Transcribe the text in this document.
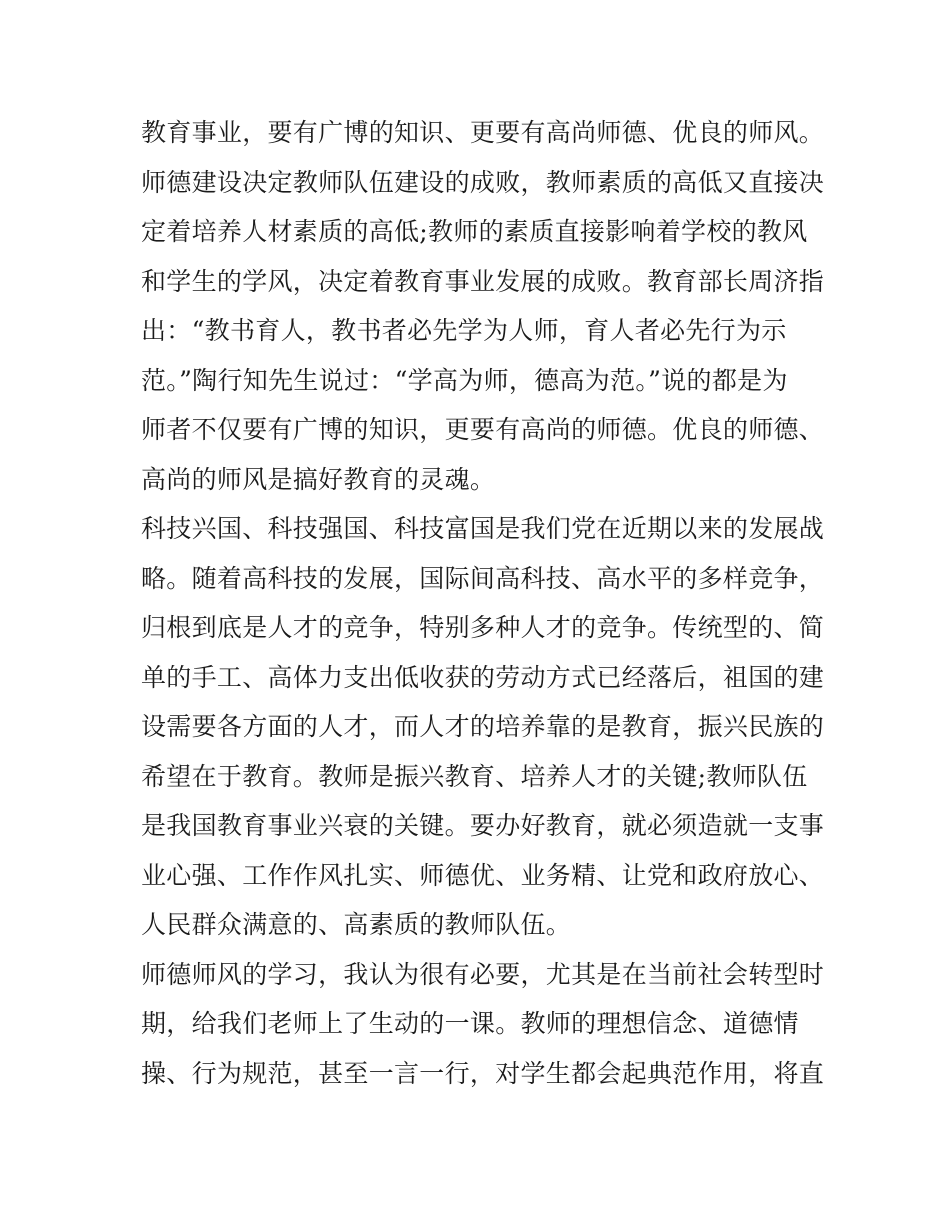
教育事业，要有广博的知识、更要有高尚师德、优良的师风。
师德建设决定教师队伍建设的成败，教师素质的高低又直接决
定着培养人材素质的高低;教师的素质直接影响着学校的教风
和学生的学风，决定着教育事业发展的成败。教育部长周济指
出：“教书育人，教书者必先学为人师，育人者必先行为示
范。”陶行知先生说过：“学高为师，德高为范。”说的都是为
师者不仅要有广博的知识，更要有高尚的师德。优良的师德、
高尚的师风是搞好教育的灵魂。
科技兴国、科技强国、科技富国是我们党在近期以来的发展战
略。随着高科技的发展，国际间高科技、高水平的多样竞争，
归根到底是人才的竞争，特别多种人才的竞争。传统型的、简
单的手工、高体力支出低收获的劳动方式已经落后，祖国的建
设需要各方面的人才，而人才的培养靠的是教育，振兴民族的
希望在于教育。教师是振兴教育、培养人才的关键;教师队伍
是我国教育事业兴衰的关键。要办好教育，就必须造就一支事
业心强、工作作风扎实、师德优、业务精、让党和政府放心、
人民群众满意的、高素质的教师队伍。
师德师风的学习，我认为很有必要，尤其是在当前社会转型时
期，给我们老师上了生动的一课。教师的理想信念、道德情
操、行为规范，甚至一言一行，对学生都会起典范作用，将直
